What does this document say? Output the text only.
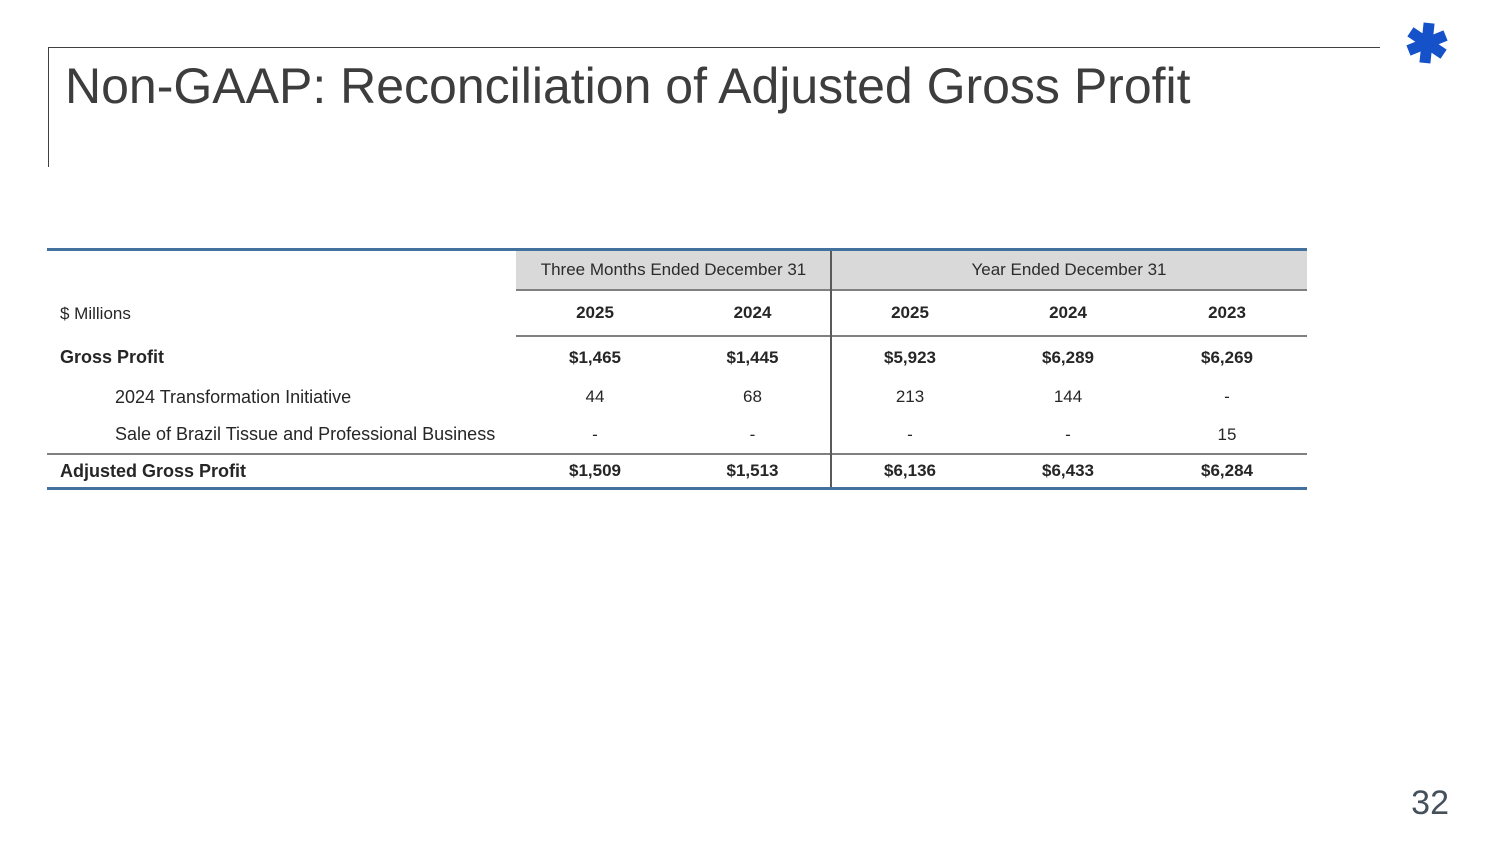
Non-GAAP: Reconciliation of Adjusted Gross Profit
Three Months Ended December 31	Year Ended December 31
$ Millions	2025	2024	2025	2024	2023
Gross Profit	$1,465	$1,445	$5,923	$6,289	$6,269
2024 Transformation Initiative	44	68	213	144	-
Sale of Brazil Tissue and Professional Business	-	-	-	-	15
Adjusted Gross Profit	$1,509	$1,513	$6,136	$6,433	$6,284
32
